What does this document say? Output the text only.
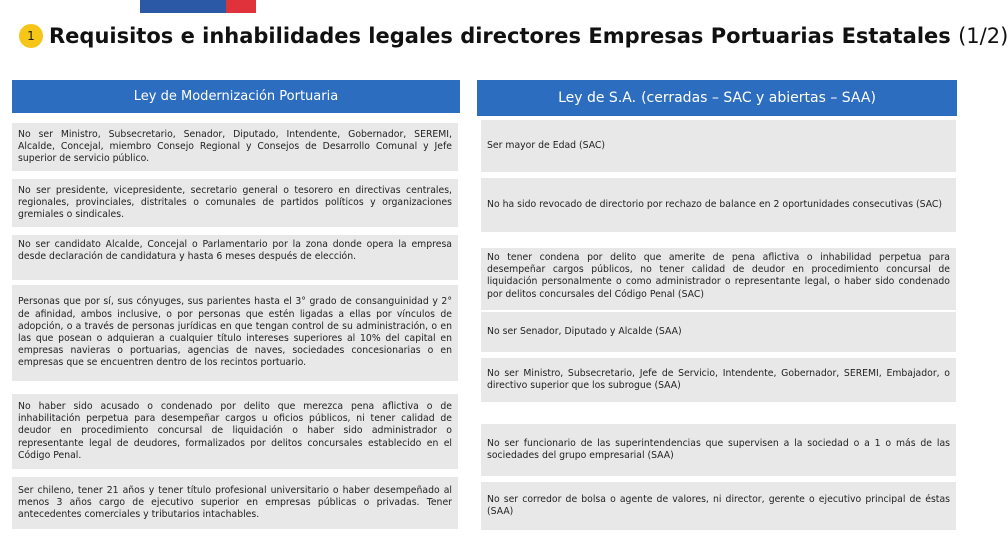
1 Requisitos e inhabilidades legales directores Empresas Portuarias Estatales (1/2)
Ley de Modernización Portuaria
No ser Ministro, Subsecretario, Senador, Diputado, Intendente, Gobernador, SEREMI, Alcalde, Concejal, miembro Consejo Regional y Consejos de Desarrollo Comunal y Jefe superior de servicio público.
No ser presidente, vicepresidente, secretario general o tesorero en directivas centrales, regionales, provinciales, distritales o comunales de partidos políticos y organizaciones gremiales o sindicales.
No ser candidato Alcalde, Concejal o Parlamentario por la zona donde opera la empresa desde declaración de candidatura y hasta 6 meses después de elección.
Personas que por sí, sus cónyuges, sus parientes hasta el 3° grado de consanguinidad y 2° de afinidad, ambos inclusive, o por personas que estén ligadas a ellas por vínculos de adopción, o a través de personas jurídicas en que tengan control de su administración, o en las que posean o adquieran a cualquier título intereses superiores al 10% del capital en empresas navieras o portuarias, agencias de naves, sociedades concesionarias o en empresas que se encuentren dentro de los recintos portuario.
No haber sido acusado o condenado por delito que merezca pena aflictiva o de inhabilitación perpetua para desempeñar cargos u oficios públicos, ni tener calidad de deudor en procedimiento concursal de liquidación o haber sido administrador o representante legal de deudores, formalizados por delitos concursales establecido en el Código Penal.
Ser chileno, tener 21 años y tener título profesional universitario o haber desempeñado al menos 3 años cargo de ejecutivo superior en empresas públicas o privadas. Tener antecedentes comerciales y tributarios intachables.
Ley de S.A. (cerradas – SAC y abiertas – SAA)
Ser mayor de Edad (SAC)
No ha sido revocado de directorio por rechazo de balance en 2 oportunidades consecutivas (SAC)
No tener condena por delito que amerite de pena aflictiva o inhabilidad perpetua para desempeñar cargos públicos, no tener calidad de deudor en procedimiento concursal de liquidación personalmente o como administrador o representante legal, o haber sido condenado por delitos concursales del Código Penal (SAC)
No ser Senador, Diputado y Alcalde (SAA)
No ser Ministro, Subsecretario, Jefe de Servicio, Intendente, Gobernador, SEREMI, Embajador, o directivo superior que los subrogue (SAA)
No ser funcionario de las superintendencias que supervisen a la sociedad o a 1 o más de las sociedades del grupo empresarial (SAA)
No ser corredor de bolsa o agente de valores, ni director, gerente o ejecutivo principal de éstas (SAA)
